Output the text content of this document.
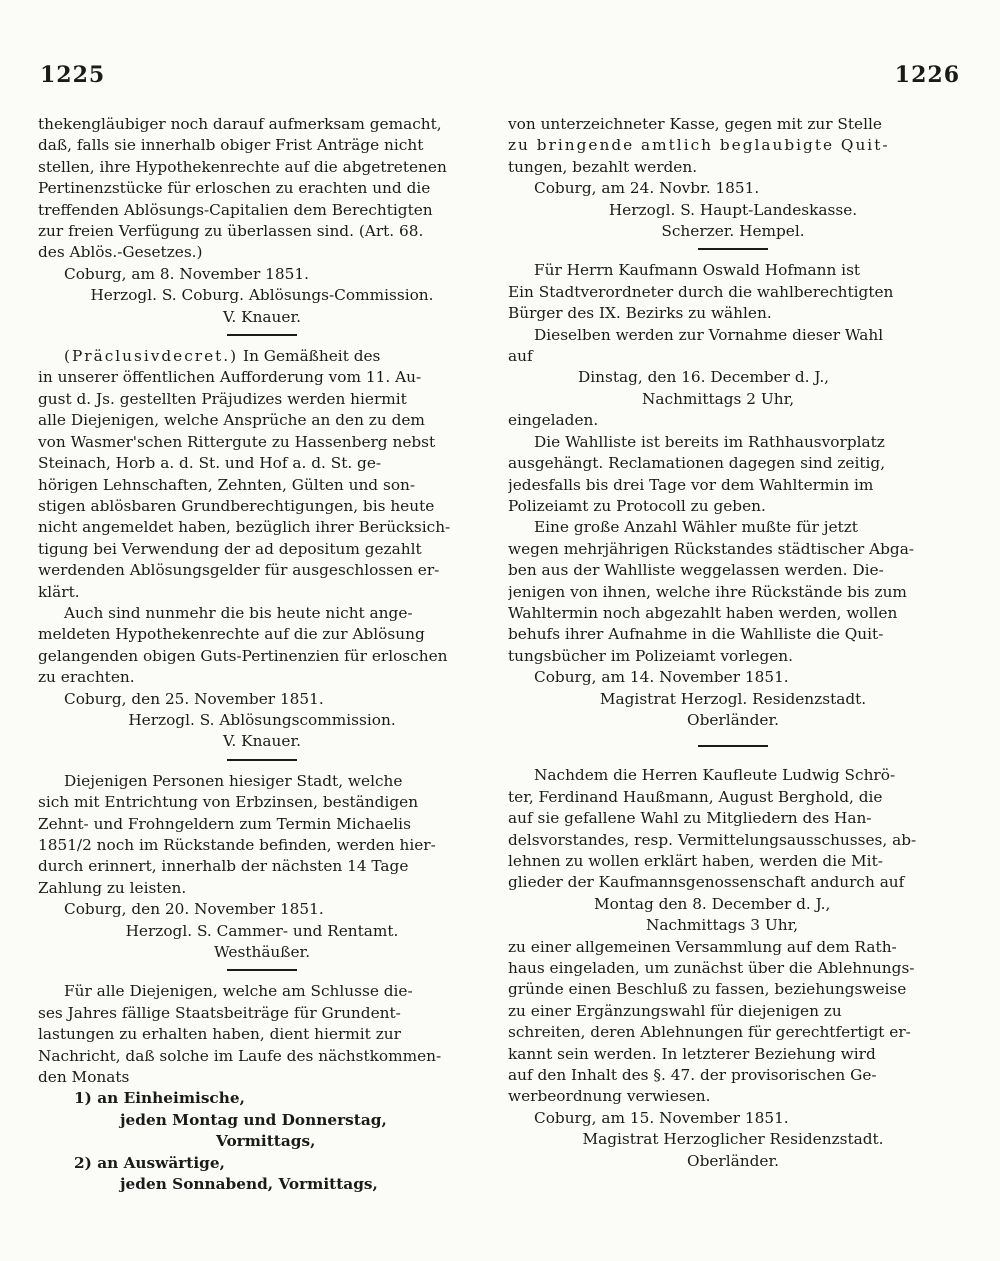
1225	1226
thekengläubiger noch darauf aufmerksam gemacht,
daß, falls sie innerhalb obiger Frist Anträge nicht
stellen, ihre Hypothekenrechte auf die abgetretenen
Pertinenzstücke für erloschen zu erachten und die
treffenden Ablösungs-Capitalien dem Berechtigten
zur freien Verfügung zu überlassen sind. (Art. 68.
des Ablös.-Gesetzes.)
Coburg, am 8. November 1851.
Herzogl. S. Coburg. Ablösungs-Commission.
V. Knauer.
(Präclusivdecret.) In Gemäßheit des
in unserer öffentlichen Aufforderung vom 11. Au-
gust d. Js. gestellten Präjudizes werden hiermit
alle Diejenigen, welche Ansprüche an den zu dem
von Wasmer'schen Rittergute zu Hassenberg nebst
Steinach, Horb a. d. St. und Hof a. d. St. ge-
hörigen Lehnschaften, Zehnten, Gülten und son-
stigen ablösbaren Grundberechtigungen, bis heute
nicht angemeldet haben, bezüglich ihrer Berücksich-
tigung bei Verwendung der ad depositum gezahlt
werdenden Ablösungsgelder für ausgeschlossen er-
klärt.
Auch sind nunmehr die bis heute nicht ange-
meldeten Hypothekenrechte auf die zur Ablösung
gelangenden obigen Guts-Pertinenzien für erloschen
zu erachten.
Coburg, den 25. November 1851.
Herzogl. S. Ablösungscommission.
V. Knauer.
Diejenigen Personen hiesiger Stadt, welche
sich mit Entrichtung von Erbzinsen, beständigen
Zehnt- und Frohngeldern zum Termin Michaelis
1851/2 noch im Rückstande befinden, werden hier-
durch erinnert, innerhalb der nächsten 14 Tage
Zahlung zu leisten.
Coburg, den 20. November 1851.
Herzogl. S. Cammer- und Rentamt.
Westhäußer.
Für alle Diejenigen, welche am Schlusse die-
ses Jahres fällige Staatsbeiträge für Grundent-
lastungen zu erhalten haben, dient hiermit zur
Nachricht, daß solche im Laufe des nächstkommen-
den Monats
1) an Einheimische,
jeden Montag und Donnerstag,
Vormittags,
2) an Auswärtige,
jeden Sonnabend, Vormittags,
von unterzeichneter Kasse, gegen mit zur Stelle
zu bringende amtlich beglaubigte Quit-
tungen, bezahlt werden.
Coburg, am 24. Novbr. 1851.
Herzogl. S. Haupt-Landeskasse.
Scherzer. Hempel.
Für Herrn Kaufmann Oswald Hofmann ist
Ein Stadtverordneter durch die wahlberechtigten
Bürger des IX. Bezirks zu wählen.
Dieselben werden zur Vornahme dieser Wahl
auf
Dinstag, den 16. December d. J.,
Nachmittags 2 Uhr,
eingeladen.
Die Wahlliste ist bereits im Rathhausvorplatz
ausgehängt. Reclamationen dagegen sind zeitig,
jedesfalls bis drei Tage vor dem Wahltermin im
Polizeiamt zu Protocoll zu geben.
Eine große Anzahl Wähler mußte für jetzt
wegen mehrjährigen Rückstandes städtischer Abga-
ben aus der Wahlliste weggelassen werden. Die-
jenigen von ihnen, welche ihre Rückstände bis zum
Wahltermin noch abgezahlt haben werden, wollen
behufs ihrer Aufnahme in die Wahlliste die Quit-
tungsbücher im Polizeiamt vorlegen.
Coburg, am 14. November 1851.
Magistrat Herzogl. Residenzstadt.
Oberländer.
Nachdem die Herren Kaufleute Ludwig Schrö-
ter, Ferdinand Haußmann, August Berghold, die
auf sie gefallene Wahl zu Mitgliedern des Han-
delsvorstandes, resp. Vermittelungsausschusses, ab-
lehnen zu wollen erklärt haben, werden die Mit-
glieder der Kaufmannsgenossenschaft andurch auf
Montag den 8. December d. J.,
Nachmittags 3 Uhr,
zu einer allgemeinen Versammlung auf dem Rath-
haus eingeladen, um zunächst über die Ablehnungs-
gründe einen Beschluß zu fassen, beziehungsweise
zu einer Ergänzungswahl für diejenigen zu
schreiten, deren Ablehnungen für gerechtfertigt er-
kannt sein werden. In letzterer Beziehung wird
auf den Inhalt des §. 47. der provisorischen Ge-
werbeordnung verwiesen.
Coburg, am 15. November 1851.
Magistrat Herzoglicher Residenzstadt.
Oberländer.
